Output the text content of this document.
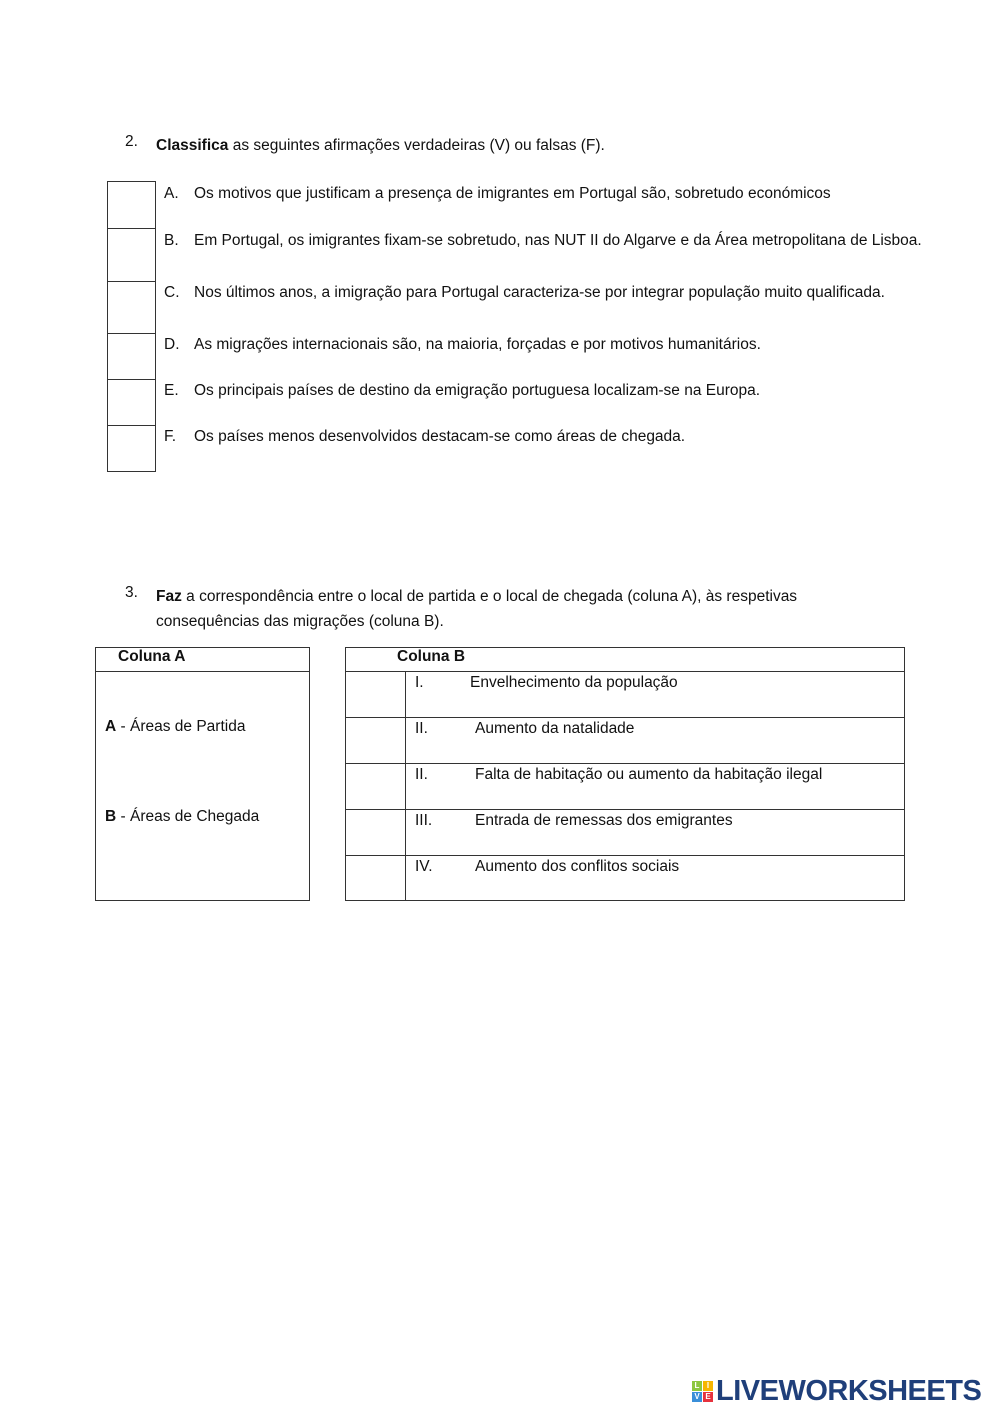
2. Classifica as seguintes afirmações verdadeiras (V) ou falsas (F).
A. Os motivos que justificam a presença de imigrantes em Portugal são, sobretudo económicos
B. Em Portugal, os imigrantes fixam-se sobretudo, nas NUT II do Algarve e da Área metropolitana de Lisboa.
C. Nos últimos anos, a imigração para Portugal caracteriza-se por integrar população muito qualificada.
D. As migrações internacionais são, na maioria, forçadas e por motivos humanitários.
E. Os principais países de destino da emigração portuguesa localizam-se na Europa.
F. Os países menos desenvolvidos destacam-se como áreas de chegada.
3. Faz a correspondência entre o local de partida e o local de chegada (coluna A), às respetivas consequências das migrações (coluna B).
Coluna A

A - Áreas de Partida
B - Áreas de Chegada
Coluna B	
	I. Envelhecimento da população
	II. Aumento da natalidade
	II. Falta de habitação ou aumento da habitação ilegal
	III. Entrada de remessas dos emigrantes
	IV. Aumento dos conflitos sociais
L I
V E LIVEWORKSHEETS
